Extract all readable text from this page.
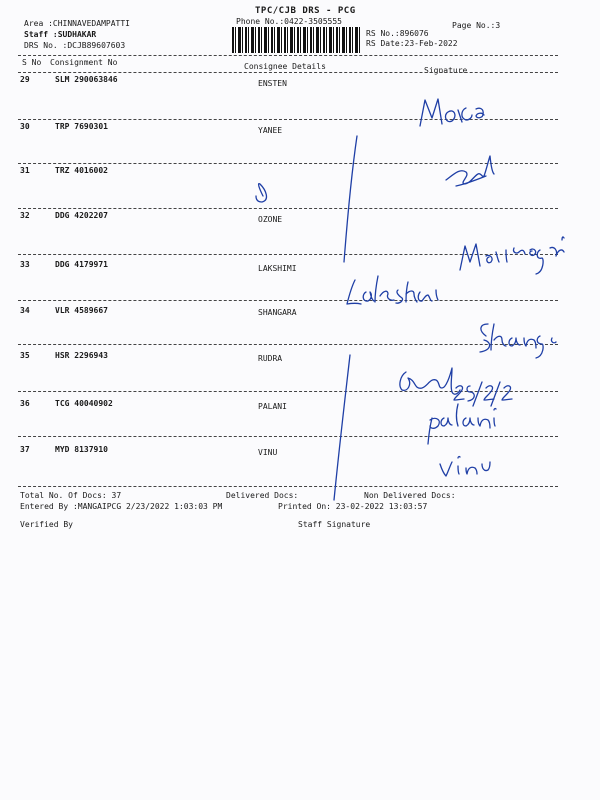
TPC/CJB DRS - PCG
Phone No.:0422-3505555	Page No.:3
Area :CHINNAVEDAMPATTI
Staff :SUDHAKAR
DRS No. :DCJB89607603
RS No.:896076
RS Date:23-Feb-2022
S No Consignment No	Consignee Details	Signature
29	SLM 290063846	ENSTEN
30	TRP 7690301	YANEE
31	TRZ 4016002
32	DDG 4202207	OZONE
33	DDG 4179971	LAKSHIMI
34	VLR 4589667	SHANGARA
35	HSR 2296943	RUDRA
36	TCG 40040902	PALANI
37	MYD 8137910	VINU
Total No. Of Docs: 37	Delivered Docs:	Non Delivered Docs:
Entered By :MANGAIPCG 2/23/2022 1:03:03 PM	Printed On: 23-02-2022 13:03:57
Verified By	Staff Signature
